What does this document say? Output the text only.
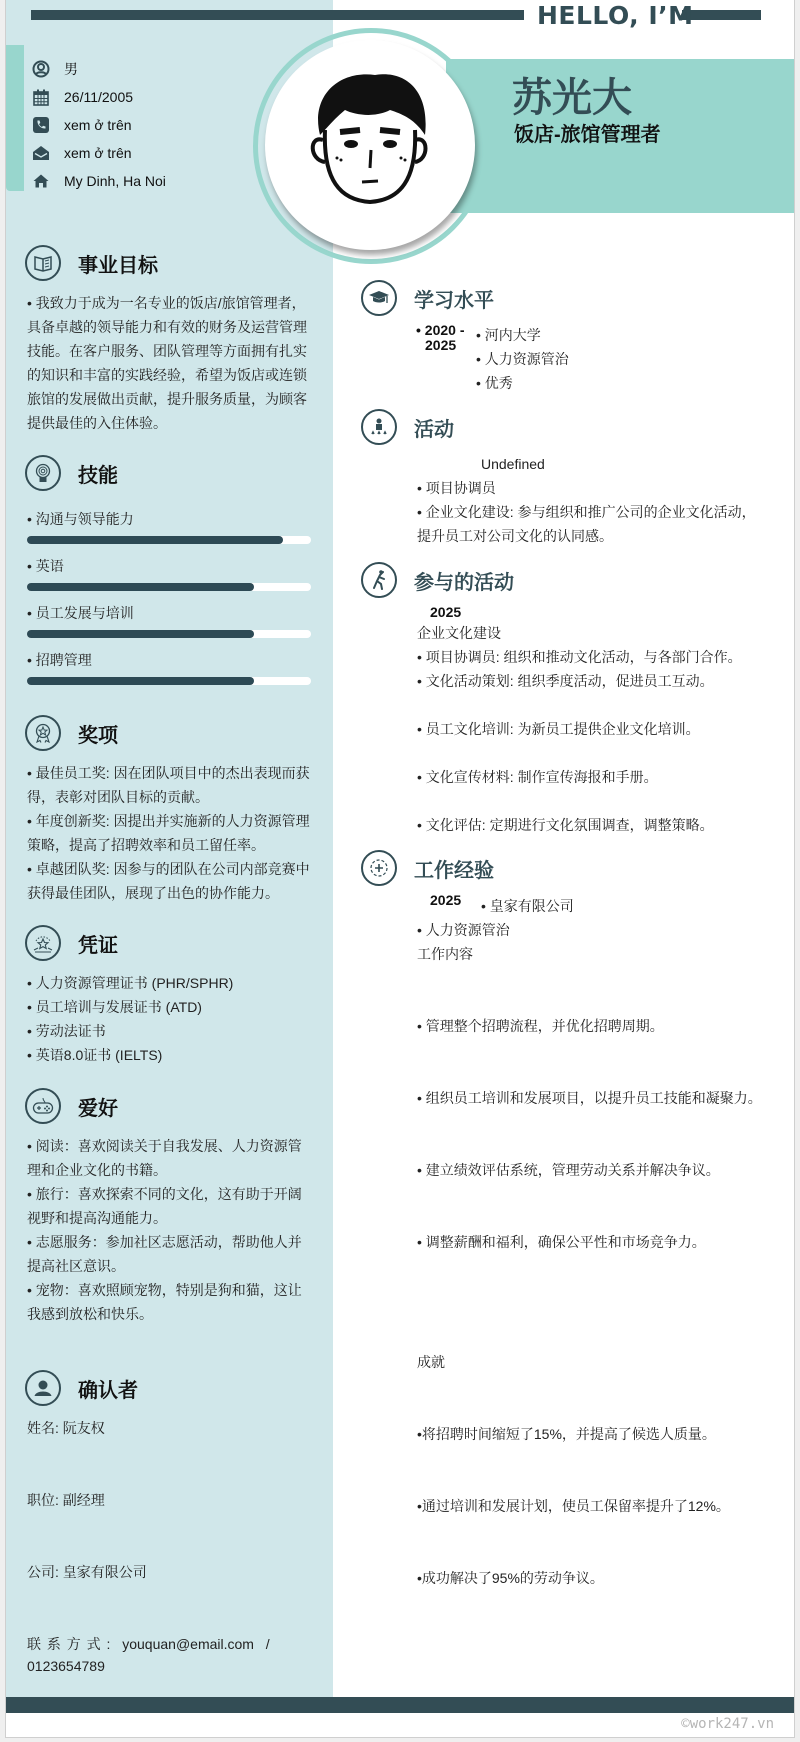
HELLO, I’M
苏光大
饭店-旅馆管理者
男
26/11/2005
xem ở trên
xem ở trên
My Dinh, Ha Noi
事业目标
• 我致力于成为一名专业的饭店/旅馆管理者，
具备卓越的领导能力和有效的财务及运营管理
技能。在客户服务、团队管理等方面拥有扎实
的知识和丰富的实践经验，希望为饭店或连锁
旅馆的发展做出贡献，提升服务质量，为顾客
提供最佳的入住体验。
技能
• 沟通与领导能力
• 英语
• 员工发展与培训
• 招聘管理
奖项
• 最佳员工奖: 因在团队项目中的杰出表现而获
得，表彰对团队目标的贡献。
• 年度创新奖: 因提出并实施新的人力资源管理
策略，提高了招聘效率和员工留任率。
• 卓越团队奖: 因参与的团队在公司内部竞赛中
获得最佳团队，展现了出色的协作能力。
凭证
• 人力资源管理证书 (PHR/SPHR)
• 员工培训与发展证书 (ATD)
• 劳动法证书
• 英语8.0证书 (IELTS)
爱好
• 阅读：喜欢阅读关于自我发展、人力资源管
理和企业文化的书籍。
• 旅行：喜欢探索不同的文化，这有助于开阔
视野和提高沟通能力。
• 志愿服务：参加社区志愿活动，帮助他人并
提高社区意识。
• 宠物：喜欢照顾宠物，特别是狗和猫，这让
我感到放松和快乐。
确认者
姓名: 阮友权
职位: 副经理
公司: 皇家有限公司
联 系 方 式 :  youquan@email.com  /
0123654789
学习水平
• 2020 -
2025
• 河内大学
• 人力资源管治
• 优秀
活动
Undefined
• 项目协调员
• 企业文化建设: 参与组织和推广公司的企业文化活动，
提升员工对公司文化的认同感。
参与的活动
2025
企业文化建设
• 项目协调员: 组织和推动文化活动，与各部门合作。
• 文化活动策划: 组织季度活动，促进员工互动。
• 员工文化培训: 为新员工提供企业文化培训。
• 文化宣传材料: 制作宣传海报和手册。
• 文化评估: 定期进行文化氛围调查，调整策略。
工作经验
2025 • 皇家有限公司
• 人力资源管治
工作内容
• 管理整个招聘流程，并优化招聘周期。
• 组织员工培训和发展项目，以提升员工技能和凝聚力。
• 建立绩效评估系统，管理劳动关系并解决争议。
• 调整薪酬和福利，确保公平性和市场竞争力。
成就
•将招聘时间缩短了15%，并提高了候选人质量。
•通过培训和发展计划，使员工保留率提升了12%。
•成功解决了95%的劳动争议。
©work247.vn
